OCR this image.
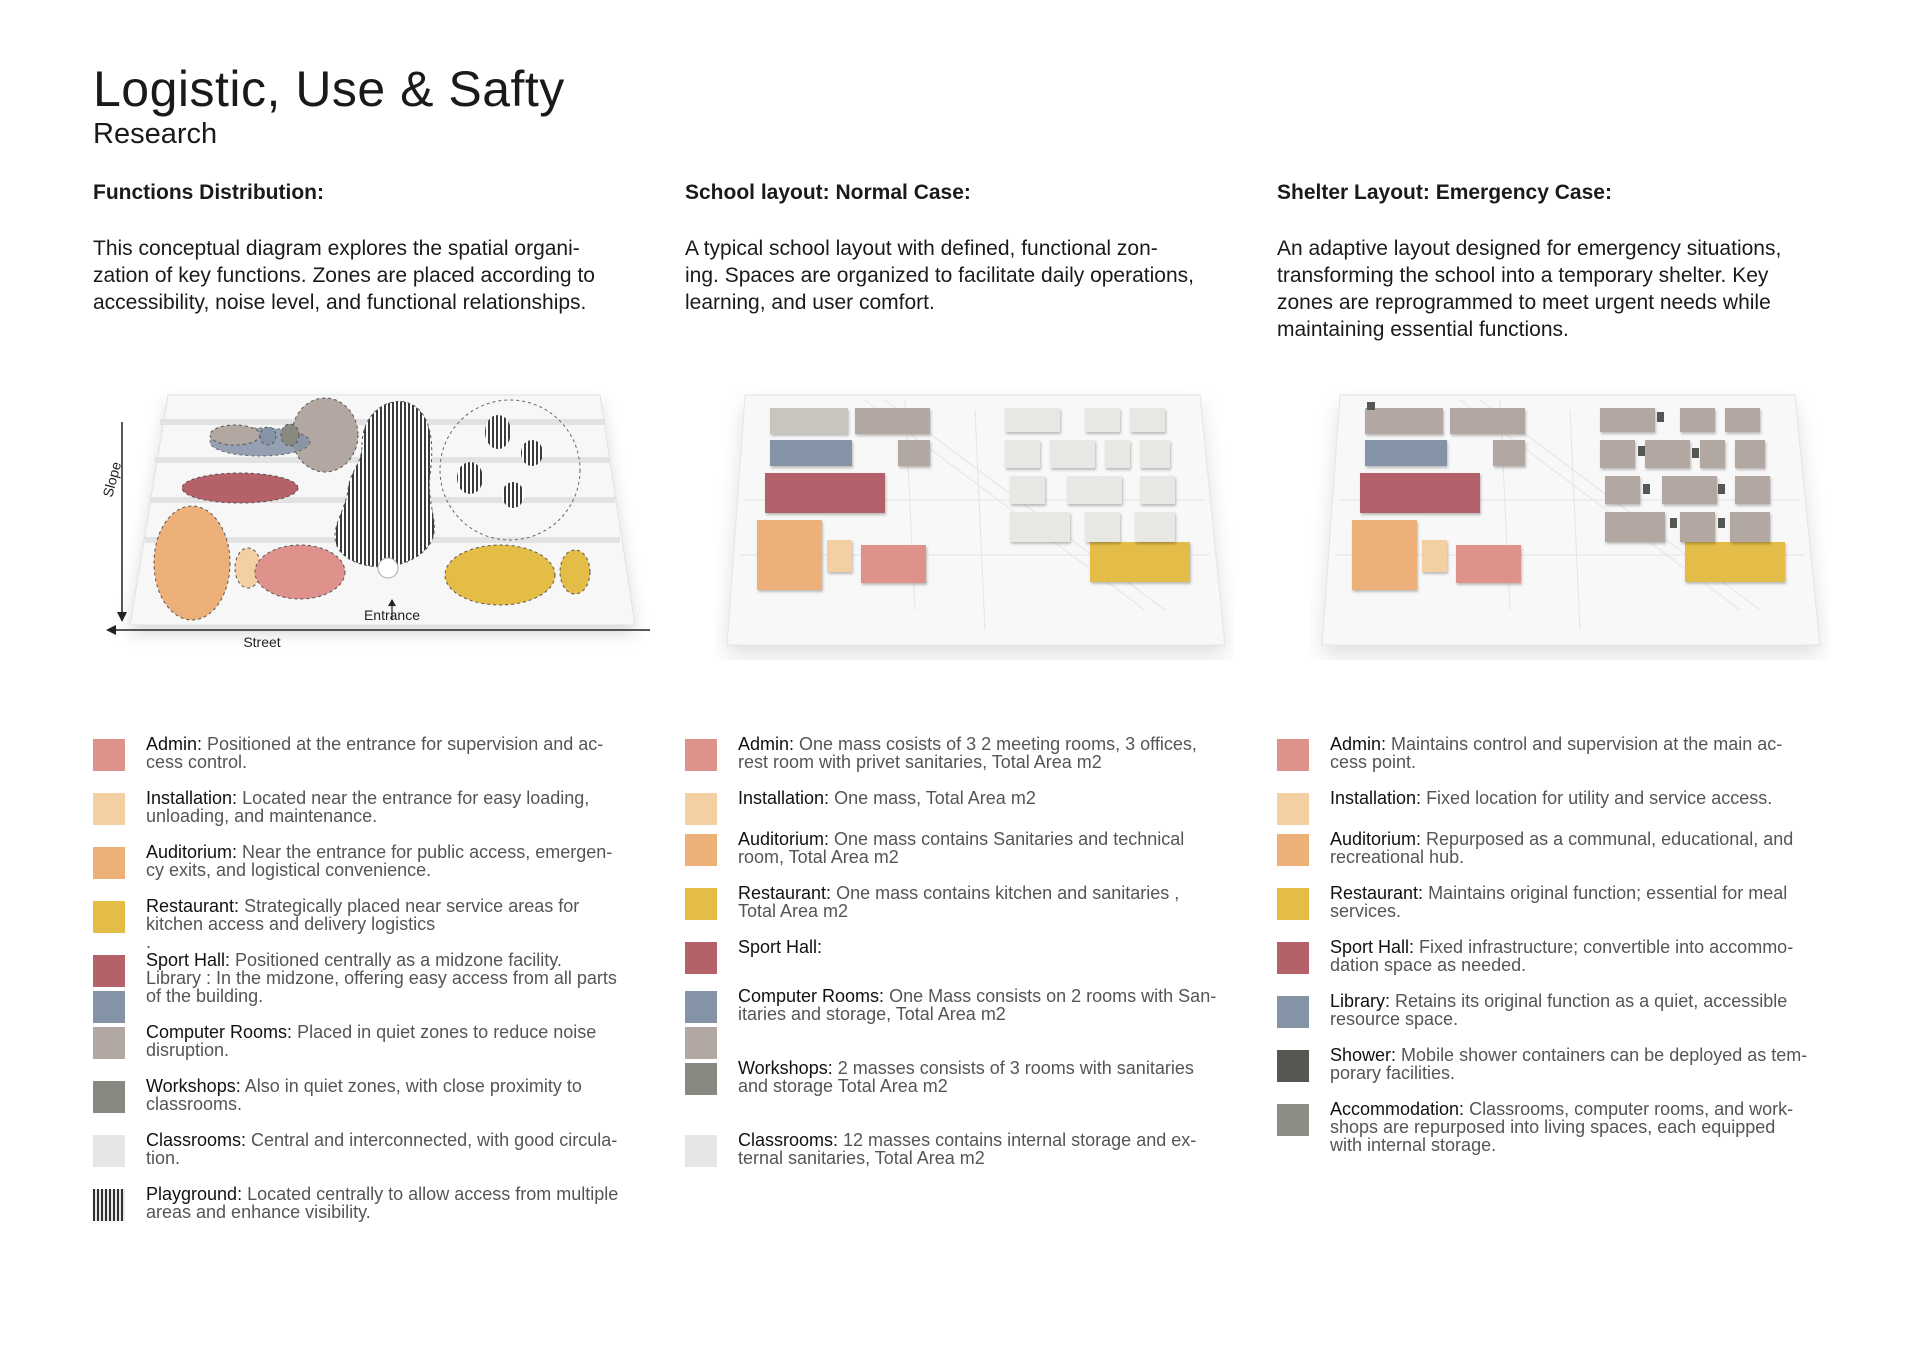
Logistic, Use & Safty
Research
Functions Distribution:

This conceptual diagram explores the spatial organi-
zation of key functions. Zones are placed according to
accessibility, noise level, and functional relationships.

School layout: Normal Case:

A typical school layout with defined, functional zon-
ing. Spaces are organized to facilitate daily operations,
learning, and user comfort.

Shelter Layout: Emergency Case:

An adaptive layout designed for emergency situations,
transforming the school into a temporary shelter. Key
zones are reprogrammed to meet urgent needs while
maintaining essential functions.

Slope
Entrance
Street
Admin: Positioned at the entrance for supervision and ac-
cess control.
Installation: Located near the entrance for easy loading,
unloading, and maintenance.
Auditorium: Near the entrance for public access, emergen-
cy exits, and logistical convenience.
Restaurant: Strategically placed near service areas for
kitchen access and delivery logistics
.
Sport Hall: Positioned centrally as a midzone facility.
Library : In the midzone, offering easy access from all parts
of the building.
Computer Rooms: Placed in quiet zones to reduce noise
disruption.
Workshops: Also in quiet zones, with close proximity to
classrooms.
Classrooms: Central and interconnected, with good circula-
tion.
Playground: Located centrally to allow access from multiple
areas and enhance visibility.
Admin: One mass cosists of 3 2 meeting rooms, 3 offices,
rest room with privet sanitaries, Total Area m2
Installation: One mass, Total Area m2
Auditorium: One mass contains Sanitaries and technical
room, Total Area m2
Restaurant: One mass contains kitchen and sanitaries ,
Total Area m2
Sport Hall:
Computer Rooms: One Mass consists on 2 rooms with San-
itaries and storage, Total Area m2
Workshops: 2 masses consists of 3 rooms with sanitaries
and storage Total Area m2
Classrooms: 12 masses contains internal storage and ex-
ternal sanitaries, Total Area m2
Admin: Maintains control and supervision at the main ac-
cess point.
Installation: Fixed location for utility and service access.
Auditorium: Repurposed as a communal, educational, and
recreational hub.
Restaurant: Maintains original function; essential for meal
services.
Sport Hall: Fixed infrastructure; convertible into accommo-
dation space as needed.
Library: Retains its original function as a quiet, accessible
resource space.
Shower: Mobile shower containers can be deployed as tem-
porary facilities.
Accommodation: Classrooms, computer rooms, and work-
shops are repurposed into living spaces, each equipped
with internal storage.
